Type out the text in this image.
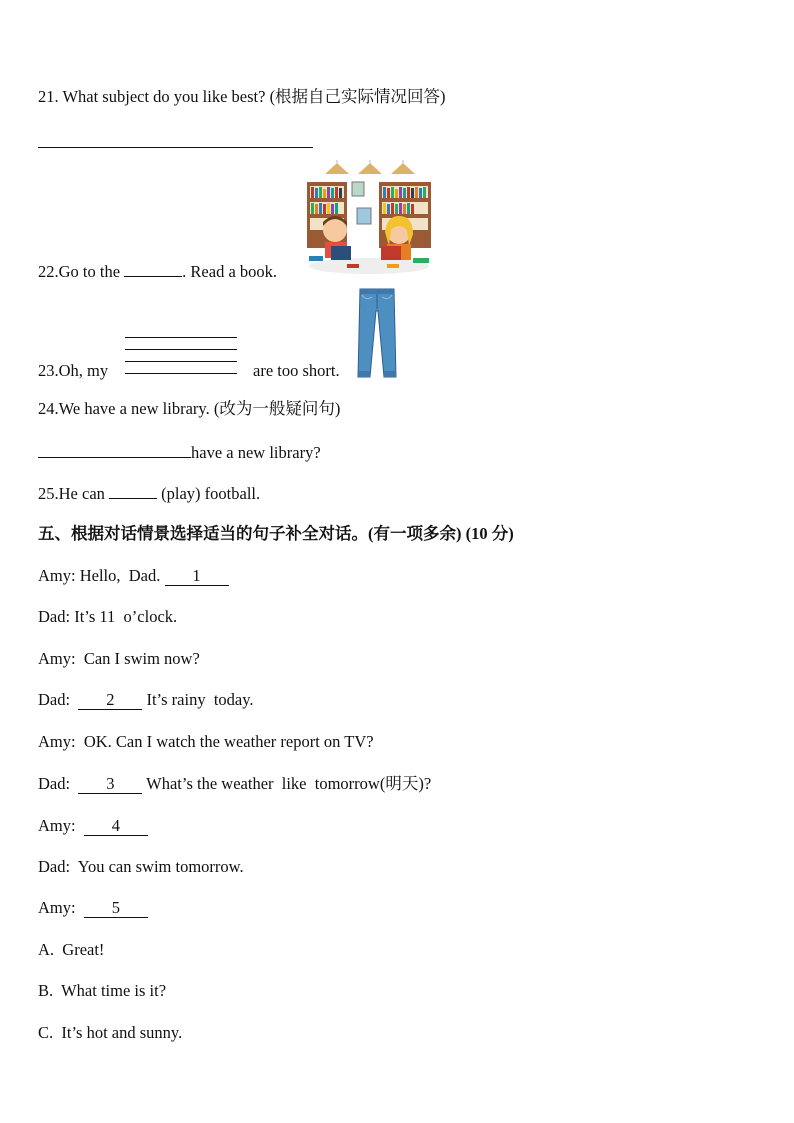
21. What subject do you like best? (根据自己实际情况回答)
22.Go to the	. Read a book.
23.Oh, my	are too short.
24.We have a new library. (改为一般疑问句)
have a new library?
25.He can	(play) football.
五、根据对话情景选择适当的句子补全对话。(有一项多余) (10 分)
Amy: Hello,  Dad. 1
Dad: It’s 11  o’clock.
Amy:  Can I swim now?
Dad: 2 It’s rainy  today.
Amy:  OK. Can I watch the weather report on TV?
Dad: 3 What’s the weather  like  tomorrow(明天)?
Amy: 4
Dad:  You can swim tomorrow.
Amy: 5
A.  Great!
B.  What time is it?
C.  It’s hot and sunny.
